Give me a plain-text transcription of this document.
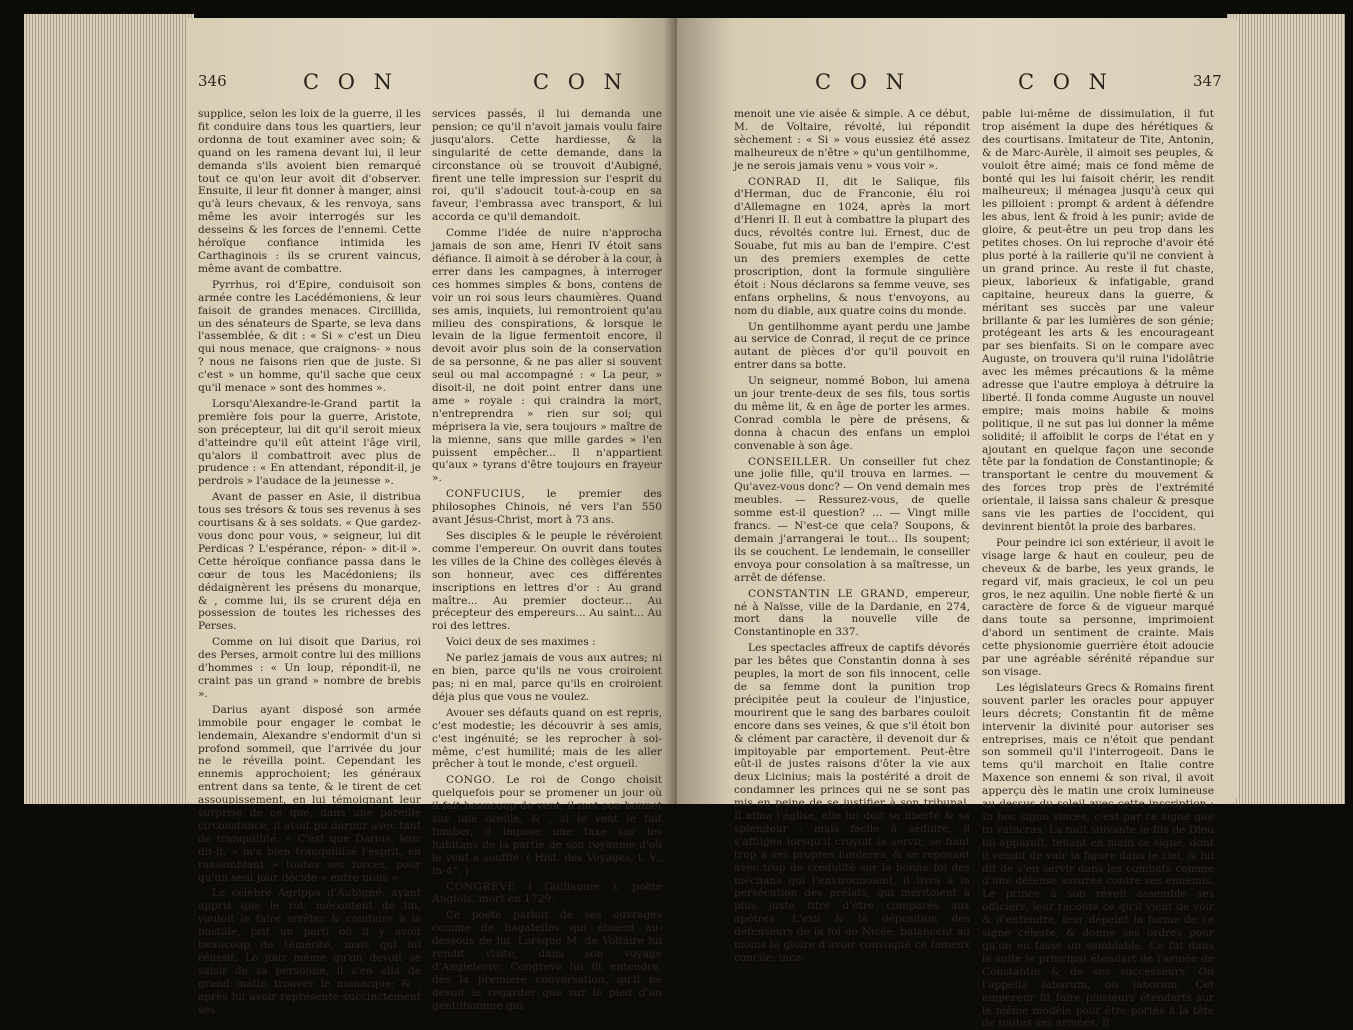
346	C O N	C O N

supplice, selon les loix de la guerre, il les fit conduire dans tous les quartiers, leur ordonna de tout examiner avec soin; & quand on les ramena devant lui, il leur demanda s'ils avoient bien remarqué tout ce qu'on leur avoit dit d'observer. Ensuite, il leur fit donner à manger, ainsi qu'à leurs chevaux, & les renvoya, sans même les avoir interrogés sur les desseins & les forces de l'ennemi. Cette héroïque confiance intimida les Carthaginois : ils se crurent vaincus, même avant de combattre.

Pyrrhus, roi d'Epire, conduisoit son armée contre les Lacédémoniens, & leur faisoit de grandes menaces. Circillida, un des sénateurs de Sparte, se leva dans l'assemblée, & dit : « Si » c'est un Dieu qui nous menace, que craignons- » nous ? nous ne faisons rien que de juste. Si c'est » un homme, qu'il sache que ceux qu'il menace » sont des hommes ».

Lorsqu'Alexandre-le-Grand partit la première fois pour la guerre, Aristote, son précepteur, lui dit qu'il seroit mieux d'atteindre qu'il eût atteint l'âge viril, qu'alors il combattroit avec plus de prudence : « En attendant, répondit-il, je perdrois » l'audace de la jeunesse ».

Avant de passer en Asie, il distribua tous ses trésors & tous ses revenus à ses courtisans & à ses soldats. « Que gardez-vous donc pour vous, » seigneur, lui dit Perdicas ? L'espérance, répon- » dit-il ». Cette héroïque confiance passa dans le cœur de tous les Macédoniens; ils dédaignèrent les présens du monarque, & , comme lui, ils se crurent déja en possession de toutes les richesses des Perses.

Comme on lui disoit que Darius, roi des Perses, armoit contre lui des millions d'hommes : « Un loup, répondit-il, ne craint pas un grand » nombre de brebis ».

Darius ayant disposé son armée immobile pour engager le combat le lendemain, Alexandre s'endormit d'un si profond sommeil, que l'arrivée du jour ne le réveilla point. Cependant les ennemis approchoient; les généraux entrent dans sa tente, & le tirent de cet assoupissement, en lui témoignant leur surprise de ce que, dans une pareille circonstance, il avoit pu dormir avec tant de tranquillité. « C'est que Darius, leur dit-il, » m'a bien tranquillisé l'esprit, en rassemblant » toutes ses forces, pour qu'un seul jour décide » entre nous ».

Le célèbre Agrippa d'Aubigné, ayant appris que le roi, mécontent de lui, vouloit le faire arrêter & conduire à la bastille, prit un parti où il y avoit beaucoup de témérité, mais qui lui réussit. Le jour même qu'on devoit se saisir de sa personne, il s'en alla de grand matin trouver le monarque; & , après lui avoir représenté succinctement ses

services passés, il lui demanda une pension; ce qu'il n'avoit jamais voulu faire jusqu'alors. Cette hardiesse, & la singularité de cette demande, dans la circonstance où se trouvoit d'Aubigné, firent une telle impression sur l'esprit du roi, qu'il s'adoucit tout-à-coup en sa faveur, l'embrassa avec transport, & lui accorda ce qu'il demandoit.

Comme l'idée de nuire n'approcha jamais de son ame, Henri IV étoit sans défiance. Il aimoit à se dérober à la cour, à errer dans les campagnes, à interroger ces hommes simples & bons, contens de voir un roi sous leurs chaumières. Quand ses amis, inquiets, lui remontroient qu'au milieu des conspirations, & lorsque le levain de la ligue fermentoit encore, il devoit avoir plus soin de la conservation de sa personne, & ne pas aller si souvent seul ou mal accompagné : « La peur, » disoit-il, ne doit point entrer dans une ame » royale : qui craindra la mort, n'entreprendra » rien sur soi; qui méprisera la vie, sera toujours » maître de la mienne, sans que mille gardes » l'en puissent empêcher... Il n'appartient qu'aux » tyrans d'être toujours en frayeur ».

CONFUCIUS, le premier des philosophes Chinois, né vers l'an 550 avant Jésus-Christ, mort à 73 ans.

Ses disciples & le peuple le révéroient comme l'empereur. On ouvrit dans toutes les villes de la Chine des collèges élevés à son honneur, avec ces différentes inscriptions en lettres d'or : Au grand maître... Au premier docteur... Au précepteur des empereurs... Au saint... Au roi des lettres.

Voici deux de ses maximes :

Ne parlez jamais de vous aux autres; ni en bien, parce qu'ils ne vous croiroient pas; ni en mal, parce qu'ils en croiroient déja plus que vous ne voulez.

Avouer ses défauts quand on est repris, c'est modestie; les découvrir à ses amis, c'est ingénuité; se les reprocher à soi-même, c'est humilité; mais de les aller prêcher à tout le monde, c'est orgueil.

CONGO. Le roi de Congo choisit quelquefois pour se promener un jour où il fait beaucoup de vent; il met son bonnet sur une oreille, & , si le vent le fait tomber, il impose une taxe sur les habitans de la partie de son royaume d'où le vent a soufflé. ( Hist. des Voyages, t. V., in-4°. )

CONGREVE ( Guillaume ), poëte Anglois, mort en 1729.

Ce poëte parloit de ses ouvrages comme de bagatelles qui étoient au-dessous de lui. Lorsque M. de Voltaire lui rendit visite, dans son voyage d'Angleterre, Congreve lui fit entendre, dès la première conversation, qu'il ne devoit le regarder que sur le pied d'un gentilhomme qui

C O N	C O N	347

menoit une vie aisée & simple. A ce début, M. de Voltaire, révolté, lui répondit sèchement : « Si » vous eussiez été assez malheureux de n'être » qu'un gentilhomme, je ne serois jamais venu » vous voir ».

CONRAD II, dit le Salique, fils d'Herman, duc de Franconie, élu roi d'Allemagne en 1024, après la mort d'Henri II. Il eut à combattre la plupart des ducs, révoltés contre lui. Ernest, duc de Souabe, fut mis au ban de l'empire. C'est un des premiers exemples de cette proscription, dont la formule singulière étoit : Nous déclarons sa femme veuve, ses enfans orphelins, & nous t'envoyons, au nom du diable, aux quatre coins du monde.

Un gentilhomme ayant perdu une jambe au service de Conrad, il reçut de ce prince autant de pièces d'or qu'il pouvoit en entrer dans sa botte.

Un seigneur, nommé Bobon, lui amena un jour trente-deux de ses fils, tous sortis du même lit, & en âge de porter les armes. Conrad combla le père de présens, & donna à chacun des enfans un emploi convenable à son âge.

CONSEILLER. Un conseiller fut chez une jolie fille, qu'il trouva en larmes. — Qu'avez-vous donc? — On vend demain mes meubles. — Ressurez-vous, de quelle somme est-il question? ... — Vingt mille francs. — N'est-ce que cela? Soupons, & demain j'arrangerai le tout... Ils soupent; ils se couchent. Le lendemain, le conseiller envoya pour consolation à sa maîtresse, un arrêt de défense.

CONSTANTIN LE GRAND, empereur, né à Naïsse, ville de la Dardanie, en 274, mort dans la nouvelle ville de Constantinople en 337.

Les spectacles affreux de captifs dévorés par les bêtes que Constantin donna à ses peuples, la mort de son fils innocent, celle de sa femme dont la punition trop précipitée peut la couleur de l'injustice, mourirent que le sang des barbares couloit encore dans ses veines, & que s'il étoit bon & clément par caractère, il devenoit dur & impitoyable par emportement. Peut-être eût-il de justes raisons d'ôter la vie aux deux Licinius; mais la postérité a droit de condamner les princes qui ne se sont pas mis en peine de se justifier à son tribunal. Il aima l'église, elle lui doit sa liberté & sa splendeur : mais facile à séduire, il s'affligea lorsqu'il croyoit la servir, se fiant trop à ses propres lumières, & se reposant avec trop de crédulité sur la bonne foi des méchans qui l'environnoient, il livra à la persécution des prélats, qui méritoient à plus juste titre d'être comparés aux apôtres. L'exil & la déposition des défenseurs de la foi de Nicée, balancent au moins la gloire d'avoir convoqué ce fameux concile; inca-

pable lui-même de dissimulation, il fut trop aisément la dupe des hérétiques & des courtisans. Imitateur de Tite, Antonin, & de Marc-Aurèle, il aimoit ses peuples, & vouloit être aimé; mais ce fond même de bonté qui les lui faisoit chérir, les rendit malheureux; il ménagea jusqu'à ceux qui les pilloient : prompt & ardent à défendre les abus, lent & froid à les punir; avide de gloire, & peut-être un peu trop dans les petites choses. On lui reproche d'avoir été plus porté à la raillerie qu'il ne convient à un grand prince. Au reste il fut chaste, pieux, laborieux & infatigable, grand capitaine, heureux dans la guerre, & méritant ses succès par une valeur brillante & par les lumières de son génie; protégeant les arts & les encourageant par ses bienfaits. Si on le compare avec Auguste, on trouvera qu'il ruina l'idolâtrie avec les mêmes précautions & la même adresse que l'autre employa à détruire la liberté. Il fonda comme Auguste un nouvel empire; mais moins habile & moins politique, il ne sut pas lui donner la même solidité; il affoiblit le corps de l'état en y ajoutant en quelque façon une seconde tête par la fondation de Constantinople; & transportant le centre du mouvement & des forces trop près de l'extrémité orientale, il laissa sans chaleur & presque sans vie les parties de l'occident, qui devinrent bientôt la proie des barbares.

Pour peindre ici son extérieur, il avoit le visage large & haut en couleur, peu de cheveux & de barbe, les yeux grands, le regard vif, mais gracieux, le col un peu gros, le nez aquilin. Une noble fierté & un caractère de force & de vigueur marqué dans toute sa personne, imprimoient d'abord un sentiment de crainte. Mais cette physionomie guerrière étoit adoucie par une agréable sérénité répandue sur son visage.

Les législateurs Grecs & Romains firent souvent parler les oracles pour appuyer leurs décrets; Constantin fit de même intervenir la divinité pour autoriser ses entreprises, mais ce n'étoit que pendant son sommeil qu'il l'interrogeoit. Dans le tems qu'il marchoit en Italie contre Maxence son ennemi & son rival, il avoit apperçu dès le matin une croix lumineuse au dessus du soleil avec cette inscription : In hoc signo vinces, c'est par ce signe que tu vaincras. La nuit suivante le fils de Dieu lui apparoît, tenant en main ce signe, dont il vendit de voir la figure dans le ciel, & lui dit de s'en servir dans les combats comme d'une défense assurée contre ses ennemis. Le prince à son réveil assemble ses officiers, leur raconte ce qu'il vient de voir & d'entendre, leur dépeint la forme de ce signe céleste, & donne ses ordres pour qu'on en fasse un semblable. Ce fut dans la suite le principal étendart de l'armée de Constantin & de ses successeurs. On l'appella labarum, ou laborum. Cet empereur fit faire plusieurs étendarts sur le même modèle pour être portés à la tête de toutes ses armées. Il
